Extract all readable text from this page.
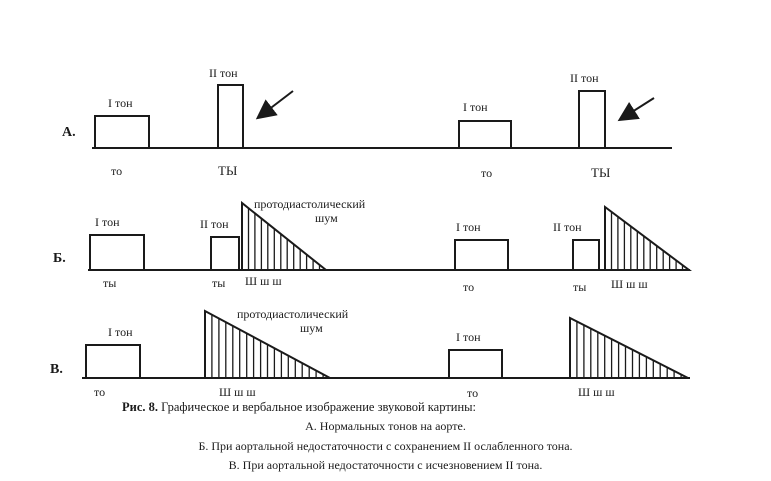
А.
I тон
II тон
I тон
II тон
то	ТЫ	то	ТЫ
Б.
I тон	II тон
протодиастолический шум
I тон	II тон
ты	ты Ш ш ш	то	ты Ш ш ш
В.
I тон
протодиастолический шум
I тон
то	Ш ш ш	то	Ш ш ш
Рис. 8. Графическое и вербальное изображение звуковой картины:
А. Нормальных тонов на аорте.
Б. При аортальной недостаточности с сохранением II ослабленного тона.
В. При аортальной недостаточности с исчезновением II тона.
